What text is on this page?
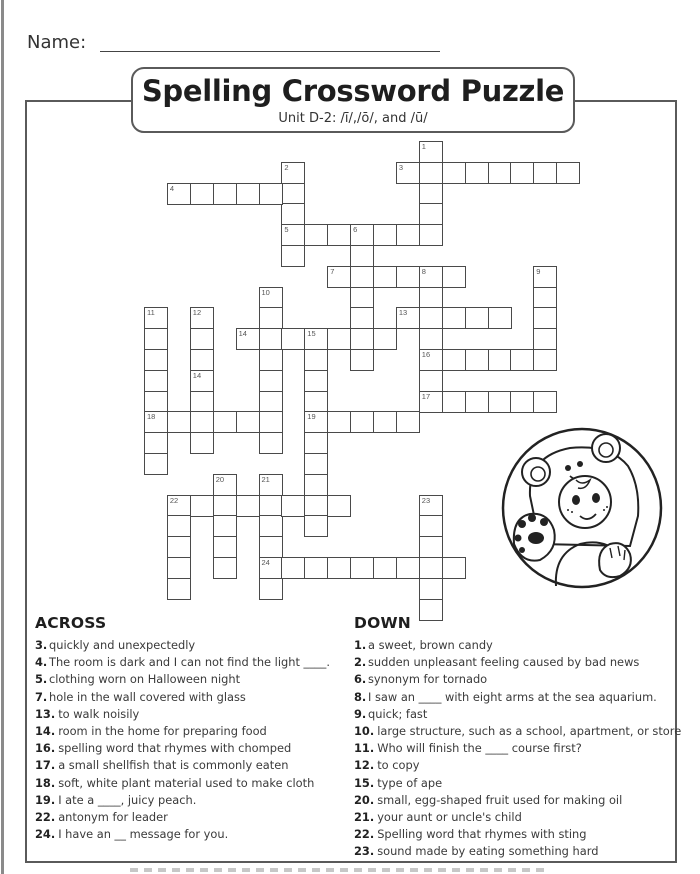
Name:
Spelling Crossword Puzzle
Unit D-2: /ī/,/ō/, and /ū/
1
2
5
3
4
6
7	8
16
17
9
10
11
18
12
14
13
14	15
19
20	21
24
22	23
ACROSS
3. quickly and unexpectedly
4. The room is dark and I can not find the light ____.
5. clothing worn on Halloween night
7. hole in the wall covered with glass
13. to walk noisily
14. room in the home for preparing food
16. spelling word that rhymes with chomped
17. a small shellfish that is commonly eaten
18. soft, white plant material used to make cloth
19. I ate a ____, juicy peach.
22. antonym for leader
24. I have an __ message for you.
DOWN
1. a sweet, brown candy
2. sudden unpleasant feeling caused by bad news
6. synonym for tornado
8. I saw an ____ with eight arms at the sea aquarium.
9. quick; fast
10. large structure, such as a school, apartment, or store
11. Who will finish the ____ course first?
12. to copy
15. type of ape
20. small, egg-shaped fruit used for making oil
21. your aunt or uncle's child
22. Spelling word that rhymes with sting
23. sound made by eating something hard
